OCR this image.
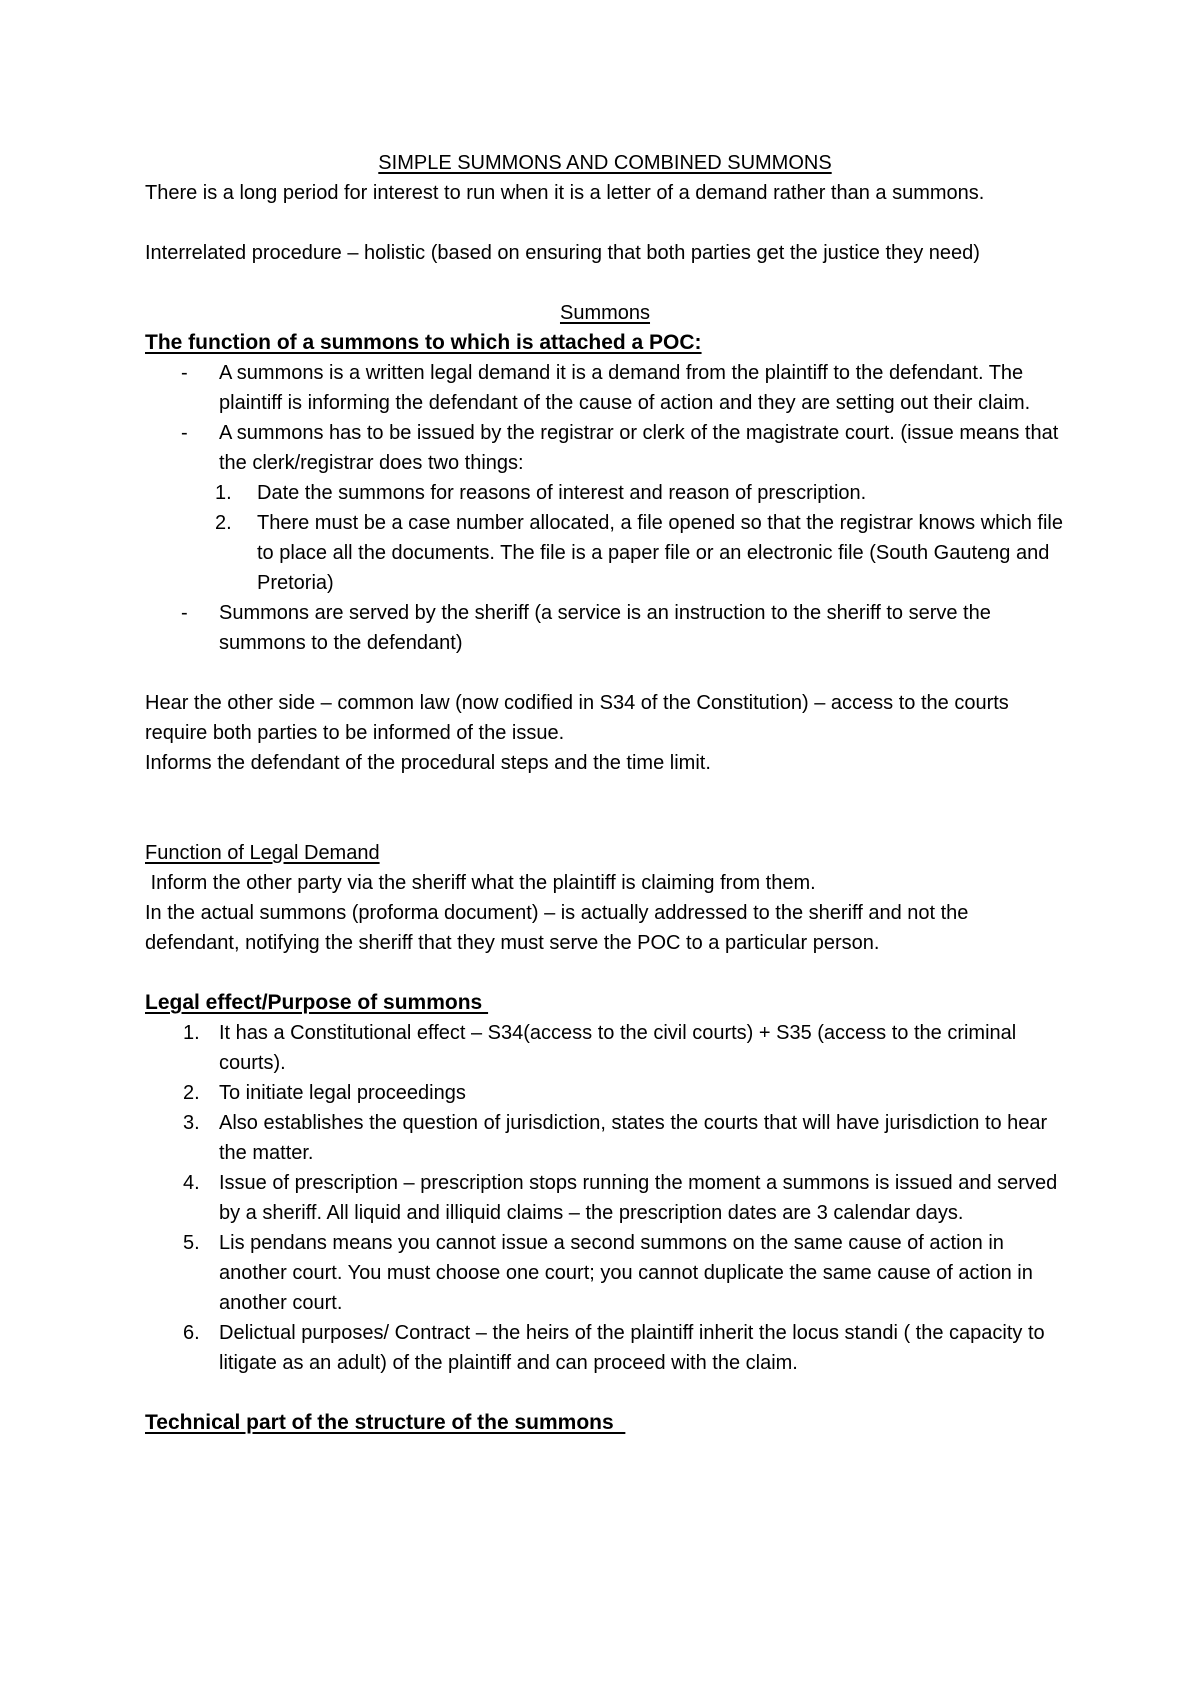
SIMPLE SUMMONS AND COMBINED SUMMONS

There is a long period for interest to run when it is a letter of a demand rather than a summons.

Interrelated procedure – holistic (based on ensuring that both parties get the justice they need)

Summons

The function of a summons to which is attached a POC:

- A summons is a written legal demand it is a demand from the plaintiff to the defendant. The plaintiff is informing the defendant of the cause of action and they are setting out their claim.
- A summons has to be issued by the registrar or clerk of the magistrate court. (issue means that the clerk/registrar does two things:
1. Date the summons for reasons of interest and reason of prescription.
2. There must be a case number allocated, a file opened so that the registrar knows which file to place all the documents. The file is a paper file or an electronic file (South Gauteng and Pretoria)
- Summons are served by the sheriff (a service is an instruction to the sheriff to serve the summons to the defendant)

Hear the other side – common law (now codified in S34 of the Constitution) – access to the courts require both parties to be informed of the issue.

Informs the defendant of the procedural steps and the time limit.

Function of Legal Demand

Inform the other party via the sheriff what the plaintiff is claiming from them.

In the actual summons (proforma document) – is actually addressed to the sheriff and not the defendant, notifying the sheriff that they must serve the POC to a particular person.

Legal effect/Purpose of summons

1. It has a Constitutional effect – S34(access to the civil courts) + S35 (access to the criminal courts).
2. To initiate legal proceedings
3. Also establishes the question of jurisdiction, states the courts that will have jurisdiction to hear the matter.
4. Issue of prescription – prescription stops running the moment a summons is issued and served by a sheriff. All liquid and illiquid claims – the prescription dates are 3 calendar days.
5. Lis pendans means you cannot issue a second summons on the same cause of action in another court. You must choose one court; you cannot duplicate the same cause of action in another court.
6. Delictual purposes/ Contract – the heirs of the plaintiff inherit the locus standi ( the capacity to litigate as an adult) of the plaintiff and can proceed with the claim.

Technical part of the structure of the summons
